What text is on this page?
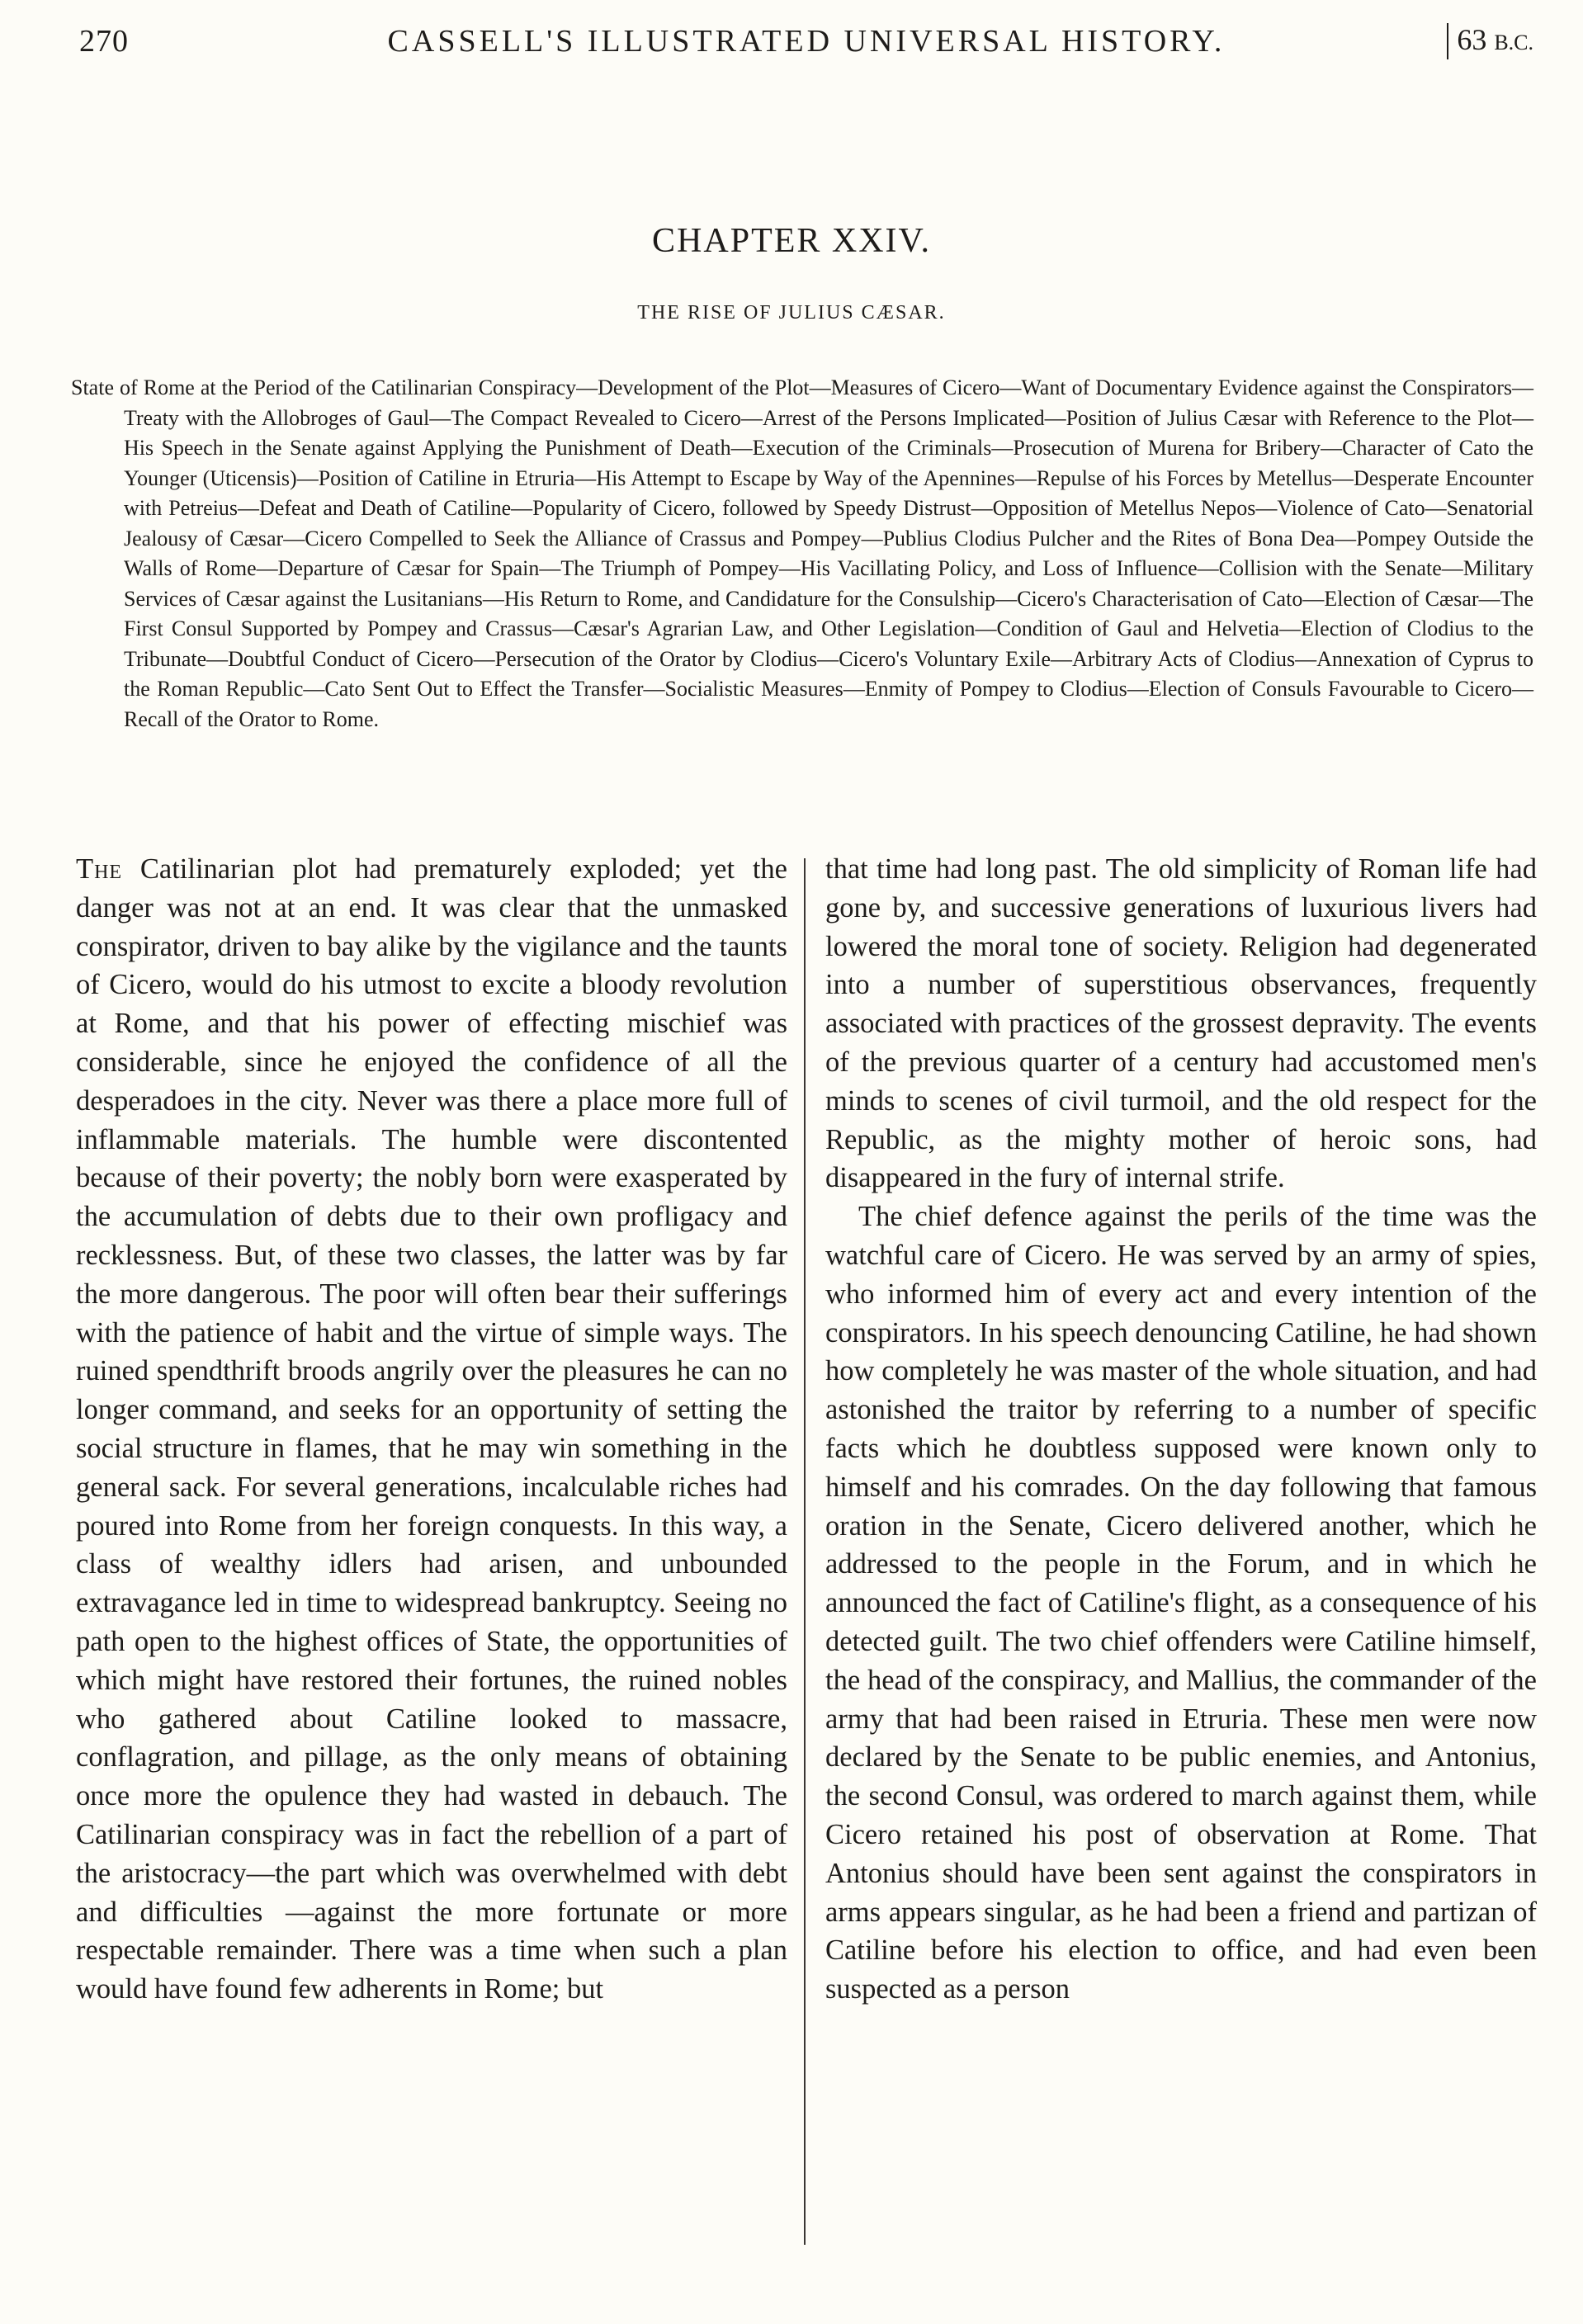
270	CASSELL'S ILLUSTRATED UNIVERSAL HISTORY.	63 B.C.
CHAPTER XXIV.
THE RISE OF JULIUS CÆSAR.
State of Rome at the Period of the Catilinarian Conspiracy—Development of the Plot—Measures of Cicero—Want of Documentary Evidence against the Conspirators—Treaty with the Allobroges of Gaul—The Compact Revealed to Cicero—Arrest of the Persons Implicated—Position of Julius Cæsar with Reference to the Plot—His Speech in the Senate against Applying the Punishment of Death—Execution of the Criminals—Prosecution of Murena for Bribery—Character of Cato the Younger (Uticensis)—Position of Catiline in Etruria—His Attempt to Escape by Way of the Apennines—Repulse of his Forces by Metellus—Desperate Encounter with Petreius—Defeat and Death of Catiline—Popularity of Cicero, followed by Speedy Distrust—Opposition of Metellus Nepos—Violence of Cato—Senatorial Jealousy of Cæsar—Cicero Compelled to Seek the Alliance of Crassus and Pompey—Publius Clodius Pulcher and the Rites of Bona Dea—Pompey Outside the Walls of Rome—Departure of Cæsar for Spain—The Triumph of Pompey—His Vacillating Policy, and Loss of Influence—Collision with the Senate—Military Services of Cæsar against the Lusitanians—His Return to Rome, and Candidature for the Consulship—Cicero's Characterisation of Cato—Election of Cæsar—The First Consul Supported by Pompey and Crassus—Cæsar's Agrarian Law, and Other Legislation—Condition of Gaul and Helvetia—Election of Clodius to the Tribunate—Doubtful Conduct of Cicero—Persecution of the Orator by Clodius—Cicero's Voluntary Exile—Arbitrary Acts of Clodius—Annexation of Cyprus to the Roman Republic—Cato Sent Out to Effect the Transfer—Socialistic Measures—Enmity of Pompey to Clodius—Election of Consuls Favourable to Cicero—Recall of the Orator to Rome.

The Catilinarian plot had prematurely exploded; yet the danger was not at an end. It was clear that the unmasked conspirator, driven to bay alike by the vigilance and the taunts of Cicero, would do his utmost to excite a bloody revolution at Rome, and that his power of effecting mischief was considerable, since he enjoyed the confidence of all the desperadoes in the city. Never was there a place more full of inflammable materials. The humble were discontented because of their poverty; the nobly born were exasperated by the accumulation of debts due to their own profligacy and recklessness. But, of these two classes, the latter was by far the more dangerous. The poor will often bear their sufferings with the patience of habit and the virtue of simple ways. The ruined spendthrift broods angrily over the pleasures he can no longer command, and seeks for an opportunity of setting the social structure in flames, that he may win something in the general sack. For several generations, incalculable riches had poured into Rome from her foreign conquests. In this way, a class of wealthy idlers had arisen, and unbounded extravagance led in time to widespread bankruptcy. Seeing no path open to the highest offices of State, the opportunities of which might have restored their fortunes, the ruined nobles who gathered about Catiline looked to massacre, conflagration, and pillage, as the only means of obtaining once more the opulence they had wasted in debauch. The Catilinarian conspiracy was in fact the rebellion of a part of the aristocracy—the part which was overwhelmed with debt and difficulties —against the more fortunate or more respectable remainder. There was a time when such a plan would have found few adherents in Rome; but

that time had long past. The old simplicity of Roman life had gone by, and successive generations of luxurious livers had lowered the moral tone of society. Religion had degenerated into a number of superstitious observances, frequently associated with practices of the grossest depravity. The events of the previous quarter of a century had accustomed men's minds to scenes of civil turmoil, and the old respect for the Republic, as the mighty mother of heroic sons, had disappeared in the fury of internal strife.

The chief defence against the perils of the time was the watchful care of Cicero. He was served by an army of spies, who informed him of every act and every intention of the conspirators. In his speech denouncing Catiline, he had shown how completely he was master of the whole situation, and had astonished the traitor by referring to a number of specific facts which he doubtless supposed were known only to himself and his comrades. On the day following that famous oration in the Senate, Cicero delivered another, which he addressed to the people in the Forum, and in which he announced the fact of Catiline's flight, as a consequence of his detected guilt. The two chief offenders were Catiline himself, the head of the conspiracy, and Mallius, the commander of the army that had been raised in Etruria. These men were now declared by the Senate to be public enemies, and Antonius, the second Consul, was ordered to march against them, while Cicero retained his post of observation at Rome. That Antonius should have been sent against the conspirators in arms appears singular, as he had been a friend and partizan of Catiline before his election to office, and had even been suspected as a person
